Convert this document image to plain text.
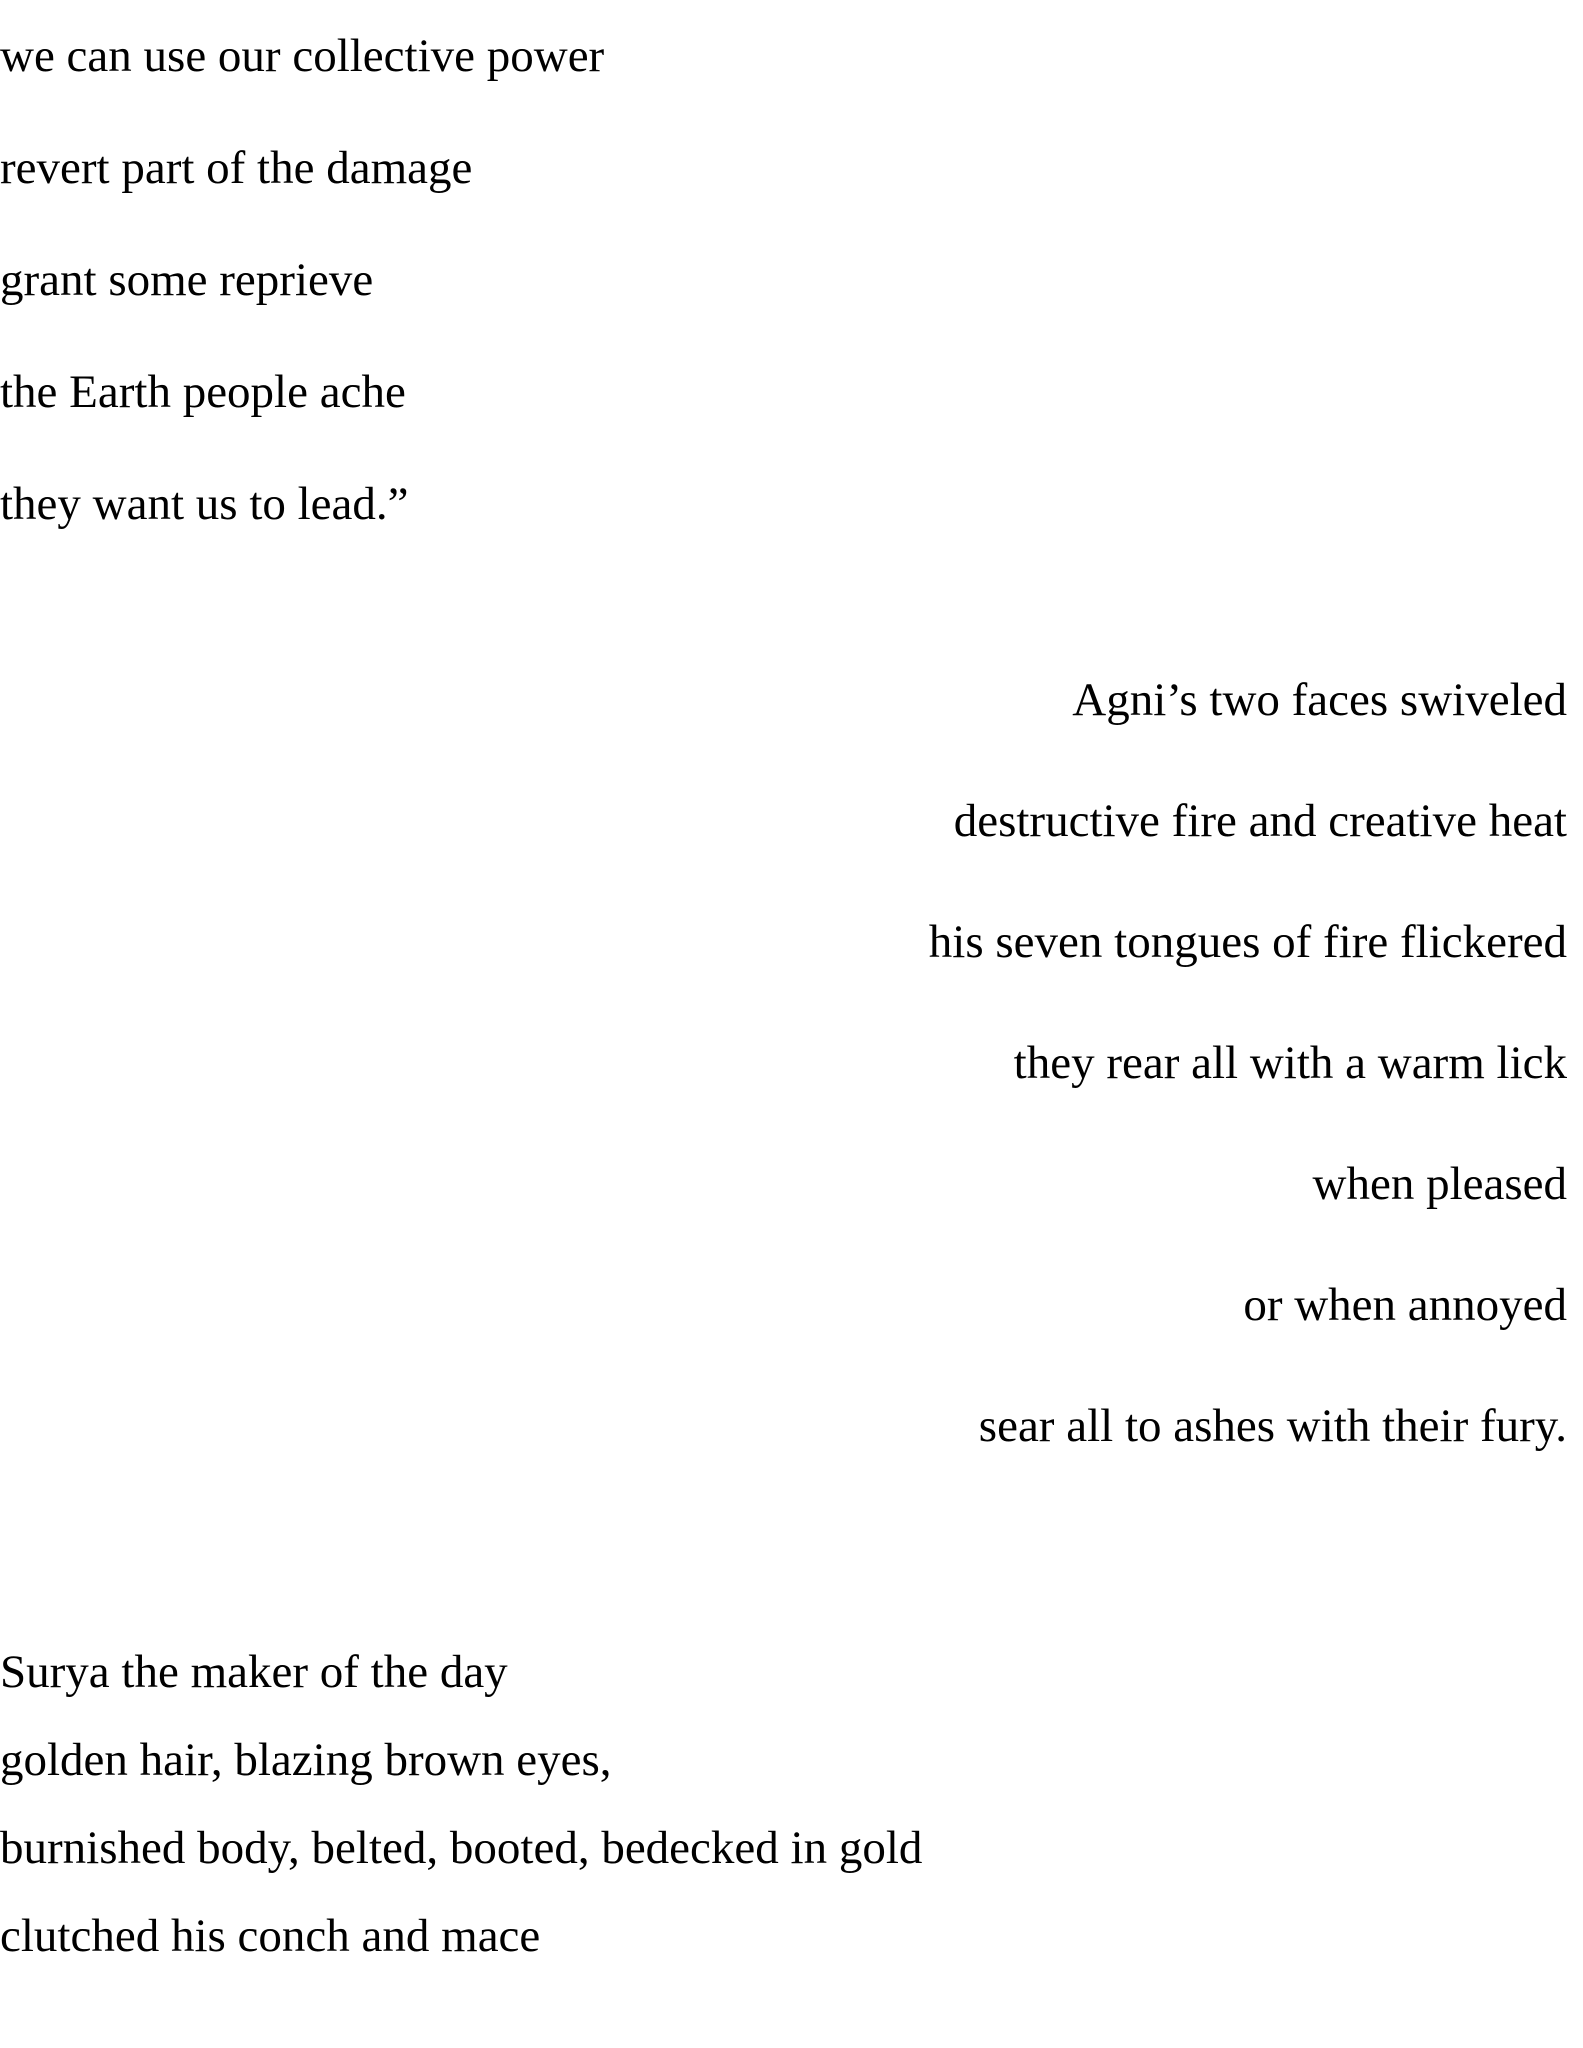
we can use our collective power
revert part of the damage
grant some reprieve
the Earth people ache
they want us to lead.”
Agni’s two faces swiveled
destructive fire and creative heat
his seven tongues of fire flickered
they rear all with a warm lick
when pleased
or when annoyed
sear all to ashes with their fury.
Surya the maker of the day
golden hair, blazing brown eyes,
burnished body, belted, booted, bedecked in gold
clutched his conch and mace
